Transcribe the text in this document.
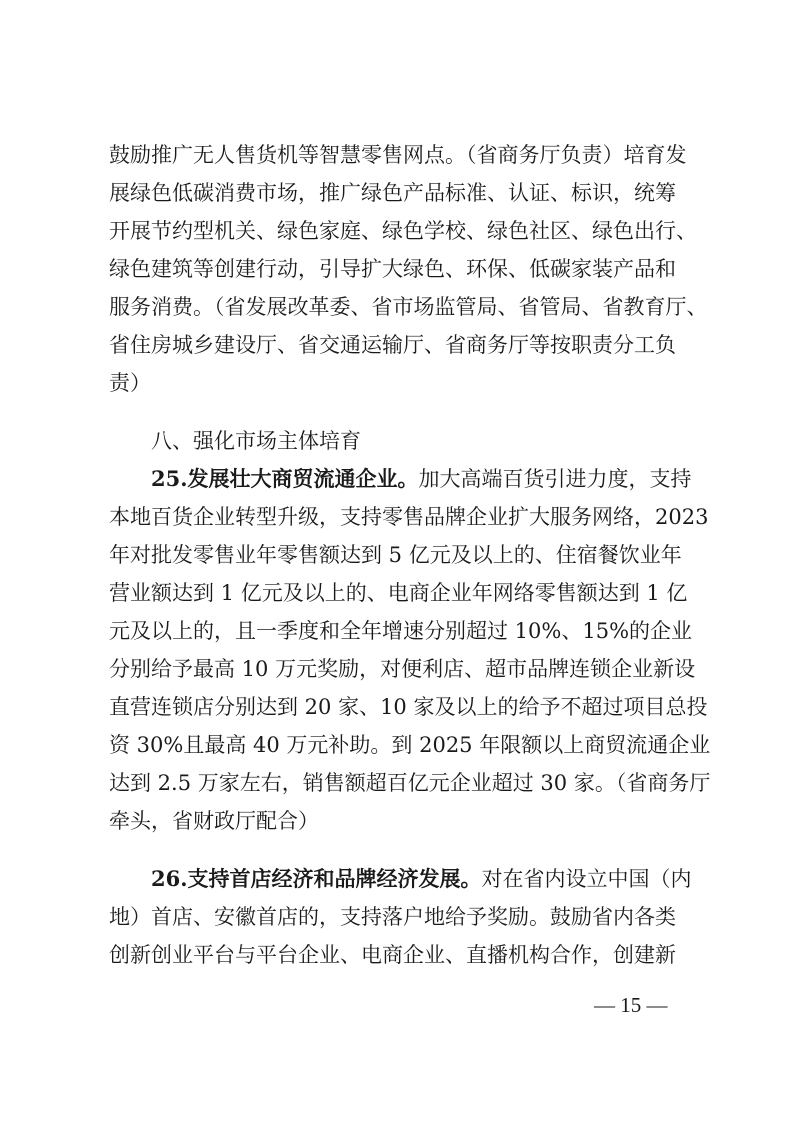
鼓励推广无人售货机等智慧零售网点。（省商务厅负责）培育发
展绿色低碳消费市场，推广绿色产品标准、认证、标识，统筹
开展节约型机关、绿色家庭、绿色学校、绿色社区、绿色出行、
绿色建筑等创建行动，引导扩大绿色、环保、低碳家装产品和
服务消费。（省发展改革委、省市场监管局、省管局、省教育厅、
省住房城乡建设厅、省交通运输厅、省商务厅等按职责分工负
责）
八、强化市场主体培育
25.发展壮大商贸流通企业。加大高端百货引进力度，支持
本地百货企业转型升级，支持零售品牌企业扩大服务网络，2023
年对批发零售业年零售额达到 5 亿元及以上的、住宿餐饮业年
营业额达到 1 亿元及以上的、电商企业年网络零售额达到 1 亿
元及以上的，且一季度和全年增速分别超过 10%、15%的企业
分别给予最高 10 万元奖励，对便利店、超市品牌连锁企业新设
直营连锁店分别达到 20 家、10 家及以上的给予不超过项目总投
资 30%且最高 40 万元补助。到 2025 年限额以上商贸流通企业
达到 2.5 万家左右，销售额超百亿元企业超过 30 家。（省商务厅
牵头，省财政厅配合）
26.支持首店经济和品牌经济发展。对在省内设立中国（内
地）首店、安徽首店的，支持落户地给予奖励。鼓励省内各类
创新创业平台与平台企业、电商企业、直播机构合作，创建新
— 15 —
